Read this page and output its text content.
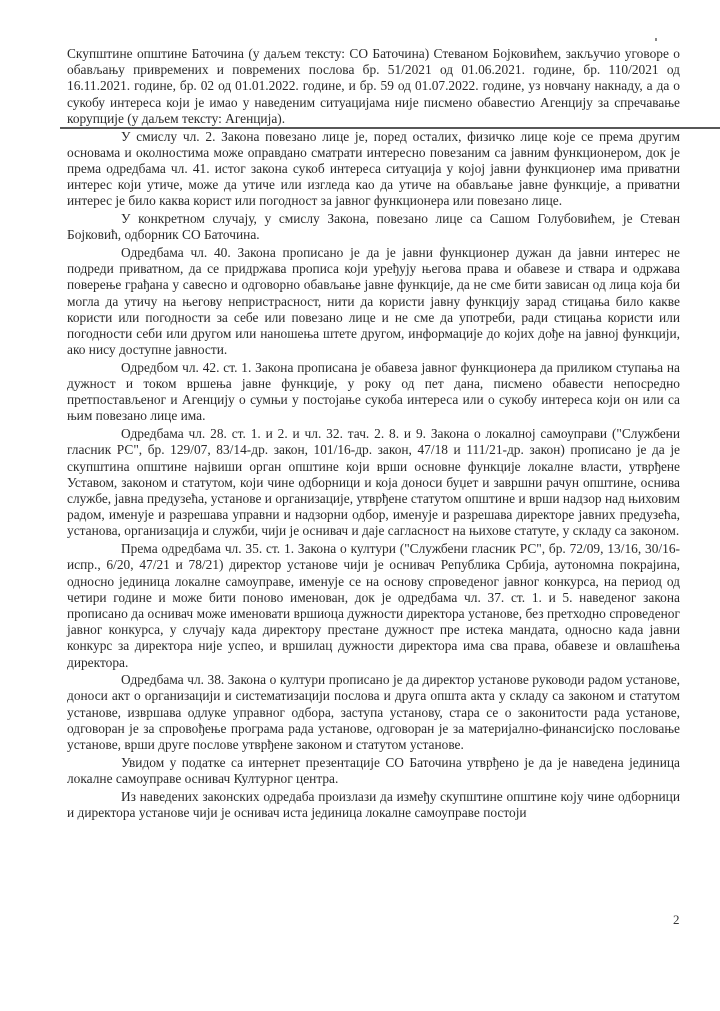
Скупштине општине Баточина (у даљем тексту: СО Баточина) Стеваном Бојковићем, закључио уговоре о обављању привремених и повремених послова бр. 51/2021 од 01.06.2021. године, бр. 110/2021 од 16.11.2021. године, бр. 02 од 01.01.2022. године, и бр. 59 од 01.07.2022. године, уз новчану накнаду, а да о сукобу интереса који је имао у наведеним ситуацијама није писмено обавестио Агенцију за спречавање корупције (у даљем тексту: Агенција).

У смислу чл. 2. Закона повезано лице је, поред осталих, физичко лице које се према другим основама и околностима може оправдано сматрати интересно повезаним са јавним функционером, док је према одредбама чл. 41. истог закона сукоб интереса ситуација у којој јавни функционер има приватни интерес који утиче, може да утиче или изгледа као да утиче на обављање јавне функције, а приватни интерес је било каква корист или погодност за јавног функционера или повезано лице.

У конкретном случају, у смислу Закона, повезано лице са Сашом Голубовићем, је Стеван Бојковић, одборник СО Баточина.

Одредбама чл. 40. Закона прописано је да је јавни функционер дужан да јавни интерес не подреди приватном, да се придржава прописа који уређују његова права и обавезе и ствара и одржава поверење грађана у савесно и одговорно обављање јавне функције, да не сме бити зависан од лица која би могла да утичу на његову непристрасност, нити да користи јавну функцију зарад стицања било какве користи или погодности за себе или повезано лице и не сме да употреби, ради стицања користи или погодности себи или другом или наношења штете другом, информације до којих дође на јавној функцији, ако нису доступне јавности.

Одредбом чл. 42. ст. 1. Закона прописана је обавеза јавног функционера да приликом ступања на дужност и током вршења јавне функције, у року од пет дана, писмено обавести непосредно претпостављеног и Агенцију о сумњи у постојање сукоба интереса или о сукобу интереса који он или са њим повезано лице има.

Одредбама чл. 28. ст. 1. и 2. и чл. 32. тач. 2. 8. и 9. Закона о локалној самоуправи ("Службени гласник РС", бр. 129/07, 83/14-др. закон, 101/16-др. закон, 47/18 и 111/21-др. закон) прописано је да је скупштина општине највиши орган општине који врши основне функције локалне власти, утврђене Уставом, законом и статутом, који чине одборници и која доноси буџет и завршни рачун општине, оснива службе, јавна предузећа, установе и организације, утврђене статутом општине и врши надзор над њиховим радом, именује и разрешава управни и надзорни одбор, именује и разрешава директоре јавних предузећа, установа, организација и служби, чији је оснивач и даје сагласност на њихове статуте, у складу са законом.

Према одредбама чл. 35. ст. 1. Закона о култури ("Службени гласник РС", бр. 72/09, 13/16, 30/16-испр., 6/20, 47/21 и 78/21) директор установе чији је оснивач Република Србија, аутономна покрајина, односно јединица локалне самоуправе, именује се на основу спроведеног јавног конкурса, на период од четири године и може бити поново именован, док је одредбама чл. 37. ст. 1. и 5. наведеног закона прописано да оснивач може именовати вршиоца дужности директора установе, без претходно спроведеног јавног конкурса, у случају када директору престане дужност пре истека мандата, односно када јавни конкурс за директора није успео, и вршилац дужности директора има сва права, обавезе и овлашћења директора.

Одредбама чл. 38. Закона о култури прописано је да директор установе руководи радом установе, доноси акт о организацији и систематизацији послова и друга општа акта у складу са законом и статутом установе, извршава одлуке управног одбора, заступа установу, стара се о законитости рада установе, одговоран је за спровођење програма рада установе, одговоран је за материјално-финансијско пословање установе, врши друге послове утврђене законом и статутом установе.

Увидом у податке са интернет презентације СО Баточина утврђено је да је наведена јединица локалне самоуправе оснивач Културног центра.

Из наведених законских одредаба произлази да између скупштине општине коју чине одборници и директора установе чији је оснивач иста јединица локалне самоуправе постоји

2
